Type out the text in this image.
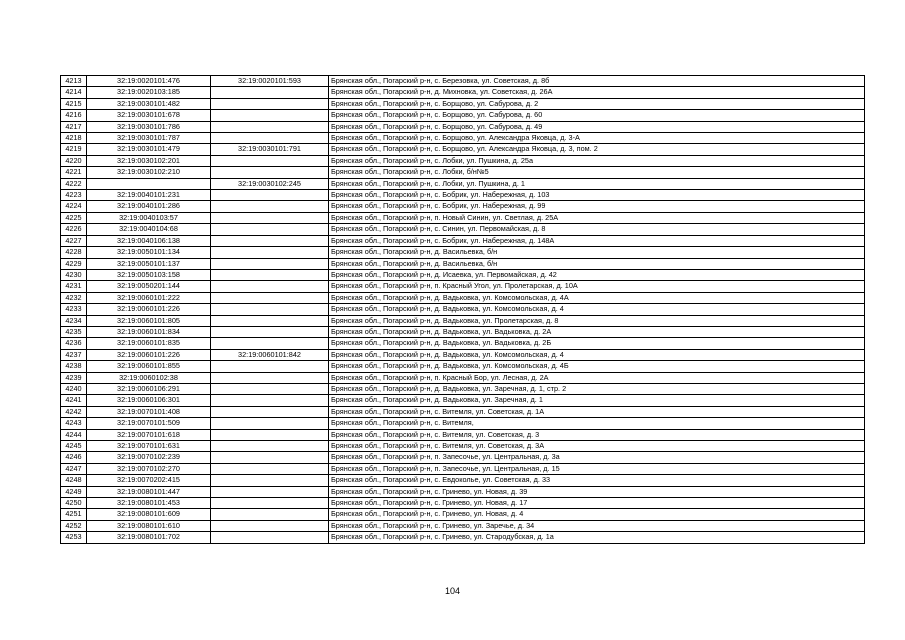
4213	32:19:0020101:476	32:19:0020101:593	Брянская обл., Погарский р-н, с. Березовка, ул. Советская, д. 8б
4214	32:19:0020103:185		Брянская обл., Погарский р-н, д. Михновка, ул. Советская, д. 26А
4215	32:19:0030101:482		Брянская обл., Погарский р-н, с. Борщово, ул. Сабурова, д. 2
4216	32:19:0030101:678		Брянская обл., Погарский р-н, с. Борщово, ул. Сабурова, д. 60
4217	32:19:0030101:786		Брянская обл., Погарский р-н, с. Борщово, ул. Сабурова, д. 49
4218	32:19:0030101:787		Брянская обл., Погарский р-н, с. Борщово, ул. Александра Яковца, д. 3-А
4219	32:19:0030101:479	32:19:0030101:791	Брянская обл., Погарский р-н, с. Борщово, ул. Александра Яковца, д. 3, пом. 2
4220	32:19:0030102:201		Брянская обл., Погарский р-н, с. Лобки, ул. Пушкина, д. 25а
4221	32:19:0030102:210		Брянская обл., Погарский р-н, с. Лобки, б/н№5
4222		32:19:0030102:245	Брянская обл., Погарский р-н, с. Лобки, ул. Пушкина, д. 1
4223	32:19:0040101:231		Брянская обл., Погарский р-н, с. Бобрик, ул. Набережная, д. 103
4224	32:19:0040101:286		Брянская обл., Погарский р-н, с. Бобрик, ул. Набережная, д. 99
4225	32:19:0040103:57		Брянская обл., Погарский р-н, п. Новый Синин, ул. Светлая, д. 25А
4226	32:19:0040104:68		Брянская обл., Погарский р-н, с. Синин, ул. Первомайская, д. 8
4227	32:19:0040106:138		Брянская обл., Погарский р-н, с. Бобрик, ул. Набережная, д. 148А
4228	32:19:0050101:134		Брянская обл., Погарский р-н, д. Васильевка, б/н
4229	32:19:0050101:137		Брянская обл., Погарский р-н, д. Васильевка, б/н
4230	32:19:0050103:158		Брянская обл., Погарский р-н, д. Исаевка, ул. Первомайская, д. 42
4231	32:19:0050201:144		Брянская обл., Погарский р-н, п. Красный Угол, ул. Пролетарская, д. 10А
4232	32:19:0060101:222		Брянская обл., Погарский р-н, д. Вадьковка, ул. Комсомольская, д. 4А
4233	32:19:0060101:226		Брянская обл., Погарский р-н, д. Вадьковка, ул. Комсомольская, д. 4
4234	32:19:0060101:805		Брянская обл., Погарский р-н, д. Вадьковка, ул. Пролетарская, д. 8
4235	32:19:0060101:834		Брянская обл., Погарский р-н, д. Вадьковка, ул. Вадьковка, д. 2А
4236	32:19:0060101:835		Брянская обл., Погарский р-н, д. Вадьковка, ул. Вадьковка, д. 2Б
4237	32:19:0060101:226	32:19:0060101:842	Брянская обл., Погарский р-н, д. Вадьковка, ул. Комсомольская, д. 4
4238	32:19:0060101:855		Брянская обл., Погарский р-н, д. Вадьковка, ул. Комсомольская, д. 4Б
4239	32:19:0060102:38		Брянская обл., Погарский р-н, п. Красный Бор, ул. Лесная, д. 2А
4240	32:19:0060106:291		Брянская обл., Погарский р-н, д. Вадьковка, ул. Заречная, д. 1, стр. 2
4241	32:19:0060106:301		Брянская обл., Погарский р-н, д. Вадьковка, ул. Заречная, д. 1
4242	32:19:0070101:408		Брянская обл., Погарский р-н, с. Витемля, ул. Советская, д. 1А
4243	32:19:0070101:509		Брянская обл., Погарский р-н, с. Витемля,
4244	32:19:0070101:618		Брянская обл., Погарский р-н, с. Витемля, ул. Советская, д. 3
4245	32:19:0070101:631		Брянская обл., Погарский р-н, с. Витемля, ул. Советская, д. 3А
4246	32:19:0070102:239		Брянская обл., Погарский р-н, п. Запесочье, ул. Центральная, д. 3а
4247	32:19:0070102:270		Брянская обл., Погарский р-н, п. Запесочье, ул. Центральная, д. 15
4248	32:19:0070202:415		Брянская обл., Погарский р-н, с. Евдоколье, ул. Советская, д. 33
4249	32:19:0080101:447		Брянская обл., Погарский р-н, с. Гринево, ул. Новая, д. 39
4250	32:19:0080101:453		Брянская обл., Погарский р-н, с. Гринево, ул. Новая, д. 17
4251	32:19:0080101:609		Брянская обл., Погарский р-н, с. Гринево, ул. Новая, д. 4
4252	32:19:0080101:610		Брянская обл., Погарский р-н, с. Гринево, ул. Заречье, д. 34
4253	32:19:0080101:702		Брянская обл., Погарский р-н, с. Гринево, ул. Стародубская, д. 1а
104
